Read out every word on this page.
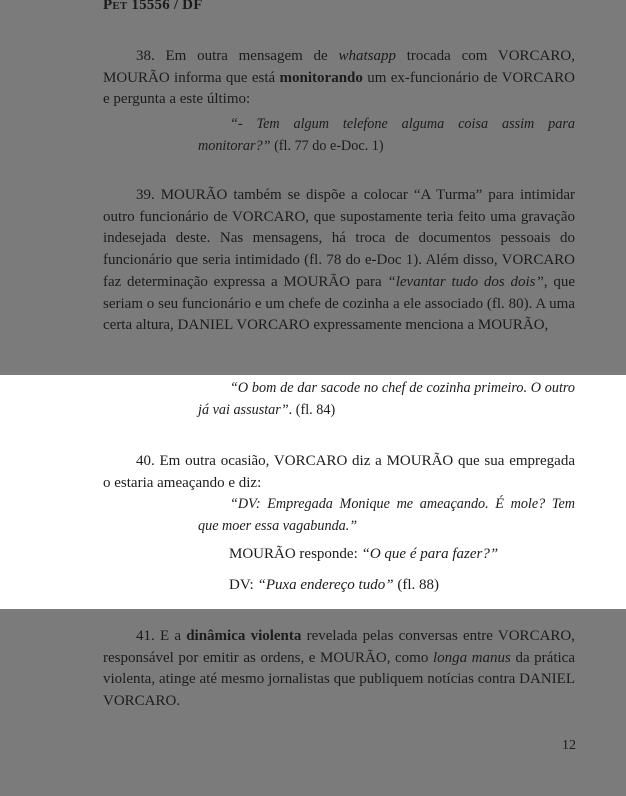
Pet 15556 / DF
38. Em outra mensagem de whatsapp trocada com VORCARO, MOURÃO informa que está monitorando um ex-funcionário de VORCARO e pergunta a este último:
“- Tem algum telefone alguma coisa assim para monitorar?” (fl. 77 do e-Doc. 1)
39. MOURÃO também se dispõe a colocar “A Turma” para intimidar outro funcionário de VORCARO, que supostamente teria feito uma gravação indesejada deste. Nas mensagens, há troca de documentos pessoais do funcionário que seria intimidado (fl. 78 do e-Doc 1). Além disso, VORCARO faz determinação expressa a MOURÃO para “levantar tudo dos dois”, que seriam o seu funcionário e um chefe de cozinha a ele associado (fl. 80). A uma certa altura, DANIEL VORCARO expressamente menciona a MOURÃO,
“O bom de dar sacode no chef de cozinha primeiro. O outro já vai assustar”. (fl. 84)
40. Em outra ocasião, VORCARO diz a MOURÃO que sua empregada o estaria ameaçando e diz:
“DV: Empregada Monique me ameaçando. É mole? Tem que moer essa vagabunda.”
MOURÃO responde: “O que é para fazer?”
DV: “Puxa endereço tudo” (fl. 88)
41. E a dinâmica violenta revelada pelas conversas entre VORCARO, responsável por emitir as ordens, e MOURÃO, como longa manus da prática violenta, atinge até mesmo jornalistas que publiquem notícias contra DANIEL VORCARO.
12
